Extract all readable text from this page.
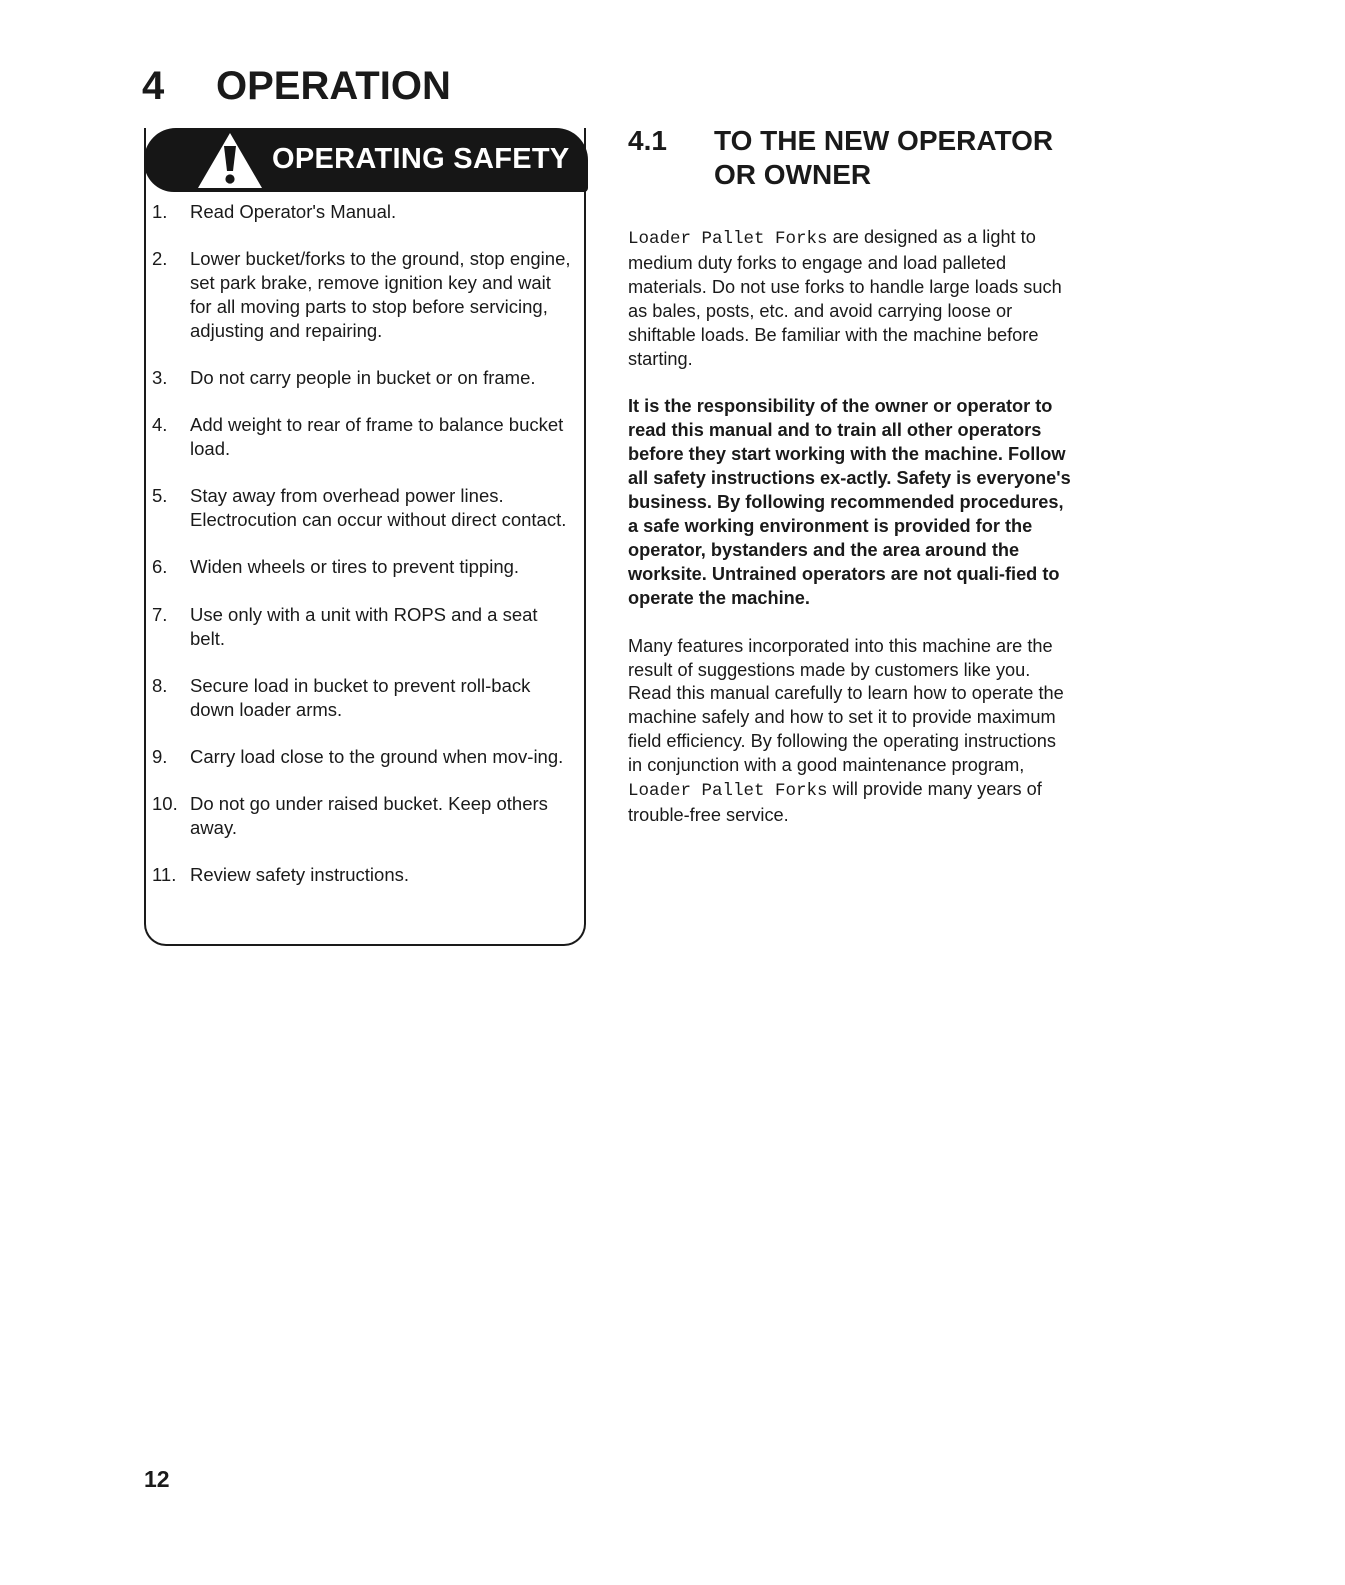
4	OPERATION
OPERATING SAFETY
1. Read Operator's Manual.
2. Lower bucket/forks to the ground, stop engine, set park brake, remove ignition key and wait for all moving parts to stop before servicing, adjusting and repairing.
3. Do not carry people in bucket or on frame.
4. Add weight to rear of frame to balance bucket load.
5. Stay away from overhead power lines. Electrocution can occur without direct contact.
6. Widen wheels or tires to prevent tipping.
7. Use only with a unit with ROPS and a seat belt.
8. Secure load in bucket to prevent roll-back down loader arms.
9. Carry load close to the ground when mov-ing.
10. Do not go under raised bucket. Keep others away.
11. Review safety instructions.
4.1 TO THE NEW OPERATOR
OR OWNER

Loader Pallet Forks are designed as a light to medium duty forks to engage and load palleted materials. Do not use forks to handle large loads such as bales, posts, etc. and avoid carrying loose or shiftable loads. Be familiar with the machine before starting.

It is the responsibility of the owner or operator to read this manual and to train all other operators before they start working with the machine. Follow all safety instructions ex-actly. Safety is everyone's business. By following recommended procedures, a safe working environment is provided for the operator, bystanders and the area around the worksite. Untrained operators are not quali-fied to operate the machine.

Many features incorporated into this machine are the result of suggestions made by customers like you. Read this manual carefully to learn how to operate the machine safely and how to set it to provide maximum field efficiency. By following the operating instructions in conjunction with a good maintenance program, Loader Pallet Forks will provide many years of trouble-free service.

12
